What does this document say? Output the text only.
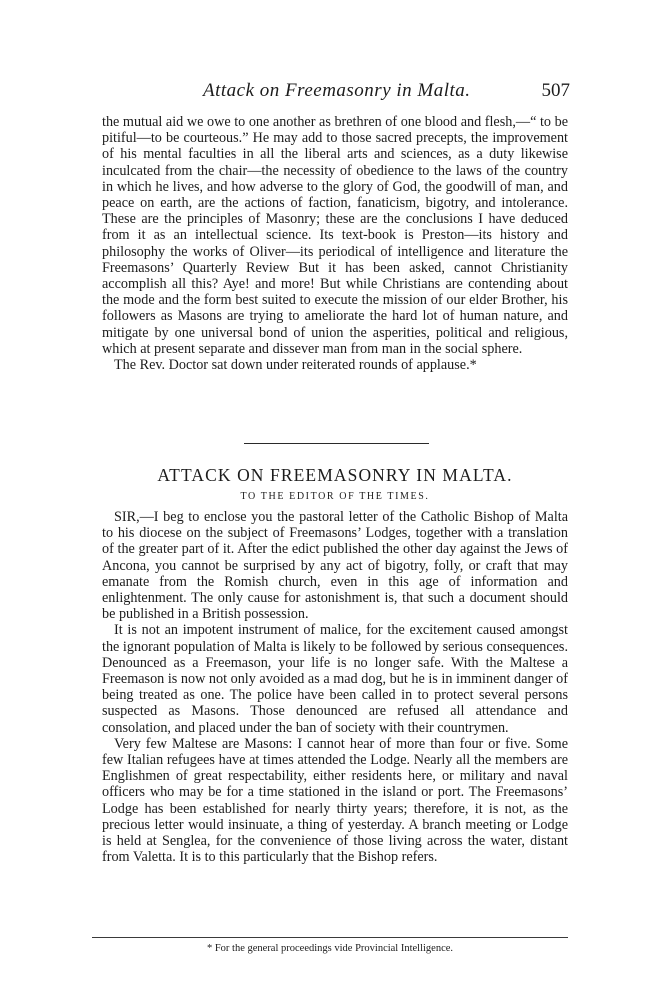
Attack on Freemasonry in Malta.	507

the mutual aid we owe to one another as brethren of one blood and flesh,—“ to be pitiful—to be courteous.” He may add to those sacred precepts, the improvement of his mental faculties in all the liberal arts and sciences, as a duty likewise inculcated from the chair—the necessity of obedience to the laws of the country in which he lives, and how adverse to the glory of God, the goodwill of man, and peace on earth, are the actions of faction, fanaticism, bigotry, and intolerance. These are the principles of Masonry; these are the conclusions I have deduced from it as an intellectual science. Its text-book is Preston—its history and philosophy the works of Oliver—its periodical of intelligence and literature the Freemasons’ Quarterly Review But it has been asked, cannot Christianity accomplish all this? Aye! and more! But while Christians are contending about the mode and the form best suited to execute the mission of our elder Brother, his followers as Masons are trying to ameliorate the hard lot of human nature, and mitigate by one universal bond of union the asperities, political and religious, which at present separate and dissever man from man in the social sphere.

The Rev. Doctor sat down under reiterated rounds of applause.*

ATTACK ON FREEMASONRY IN MALTA.
TO THE EDITOR OF THE TIMES.

SIR,—I beg to enclose you the pastoral letter of the Catholic Bishop of Malta to his diocese on the subject of Freemasons’ Lodges, together with a translation of the greater part of it. After the edict published the other day against the Jews of Ancona, you cannot be surprised by any act of bigotry, folly, or craft that may emanate from the Romish church, even in this age of information and enlightenment. The only cause for astonishment is, that such a document should be published in a British possession.

It is not an impotent instrument of malice, for the excitement caused amongst the ignorant population of Malta is likely to be followed by serious consequences. Denounced as a Freemason, your life is no longer safe. With the Maltese a Freemason is now not only avoided as a mad dog, but he is in imminent danger of being treated as one. The police have been called in to protect several persons suspected as Masons. Those denounced are refused all attendance and consolation, and placed under the ban of society with their countrymen.

Very few Maltese are Masons: I cannot hear of more than four or five. Some few Italian refugees have at times attended the Lodge. Nearly all the members are Englishmen of great respectability, either residents here, or military and naval officers who may be for a time stationed in the island or port. The Freemasons’ Lodge has been established for nearly thirty years; therefore, it is not, as the precious letter would insinuate, a thing of yesterday. A branch meeting or Lodge is held at Senglea, for the convenience of those living across the water, distant from Valetta. It is to this particularly that the Bishop refers.

* For the general proceedings vide Provincial Intelligence.
